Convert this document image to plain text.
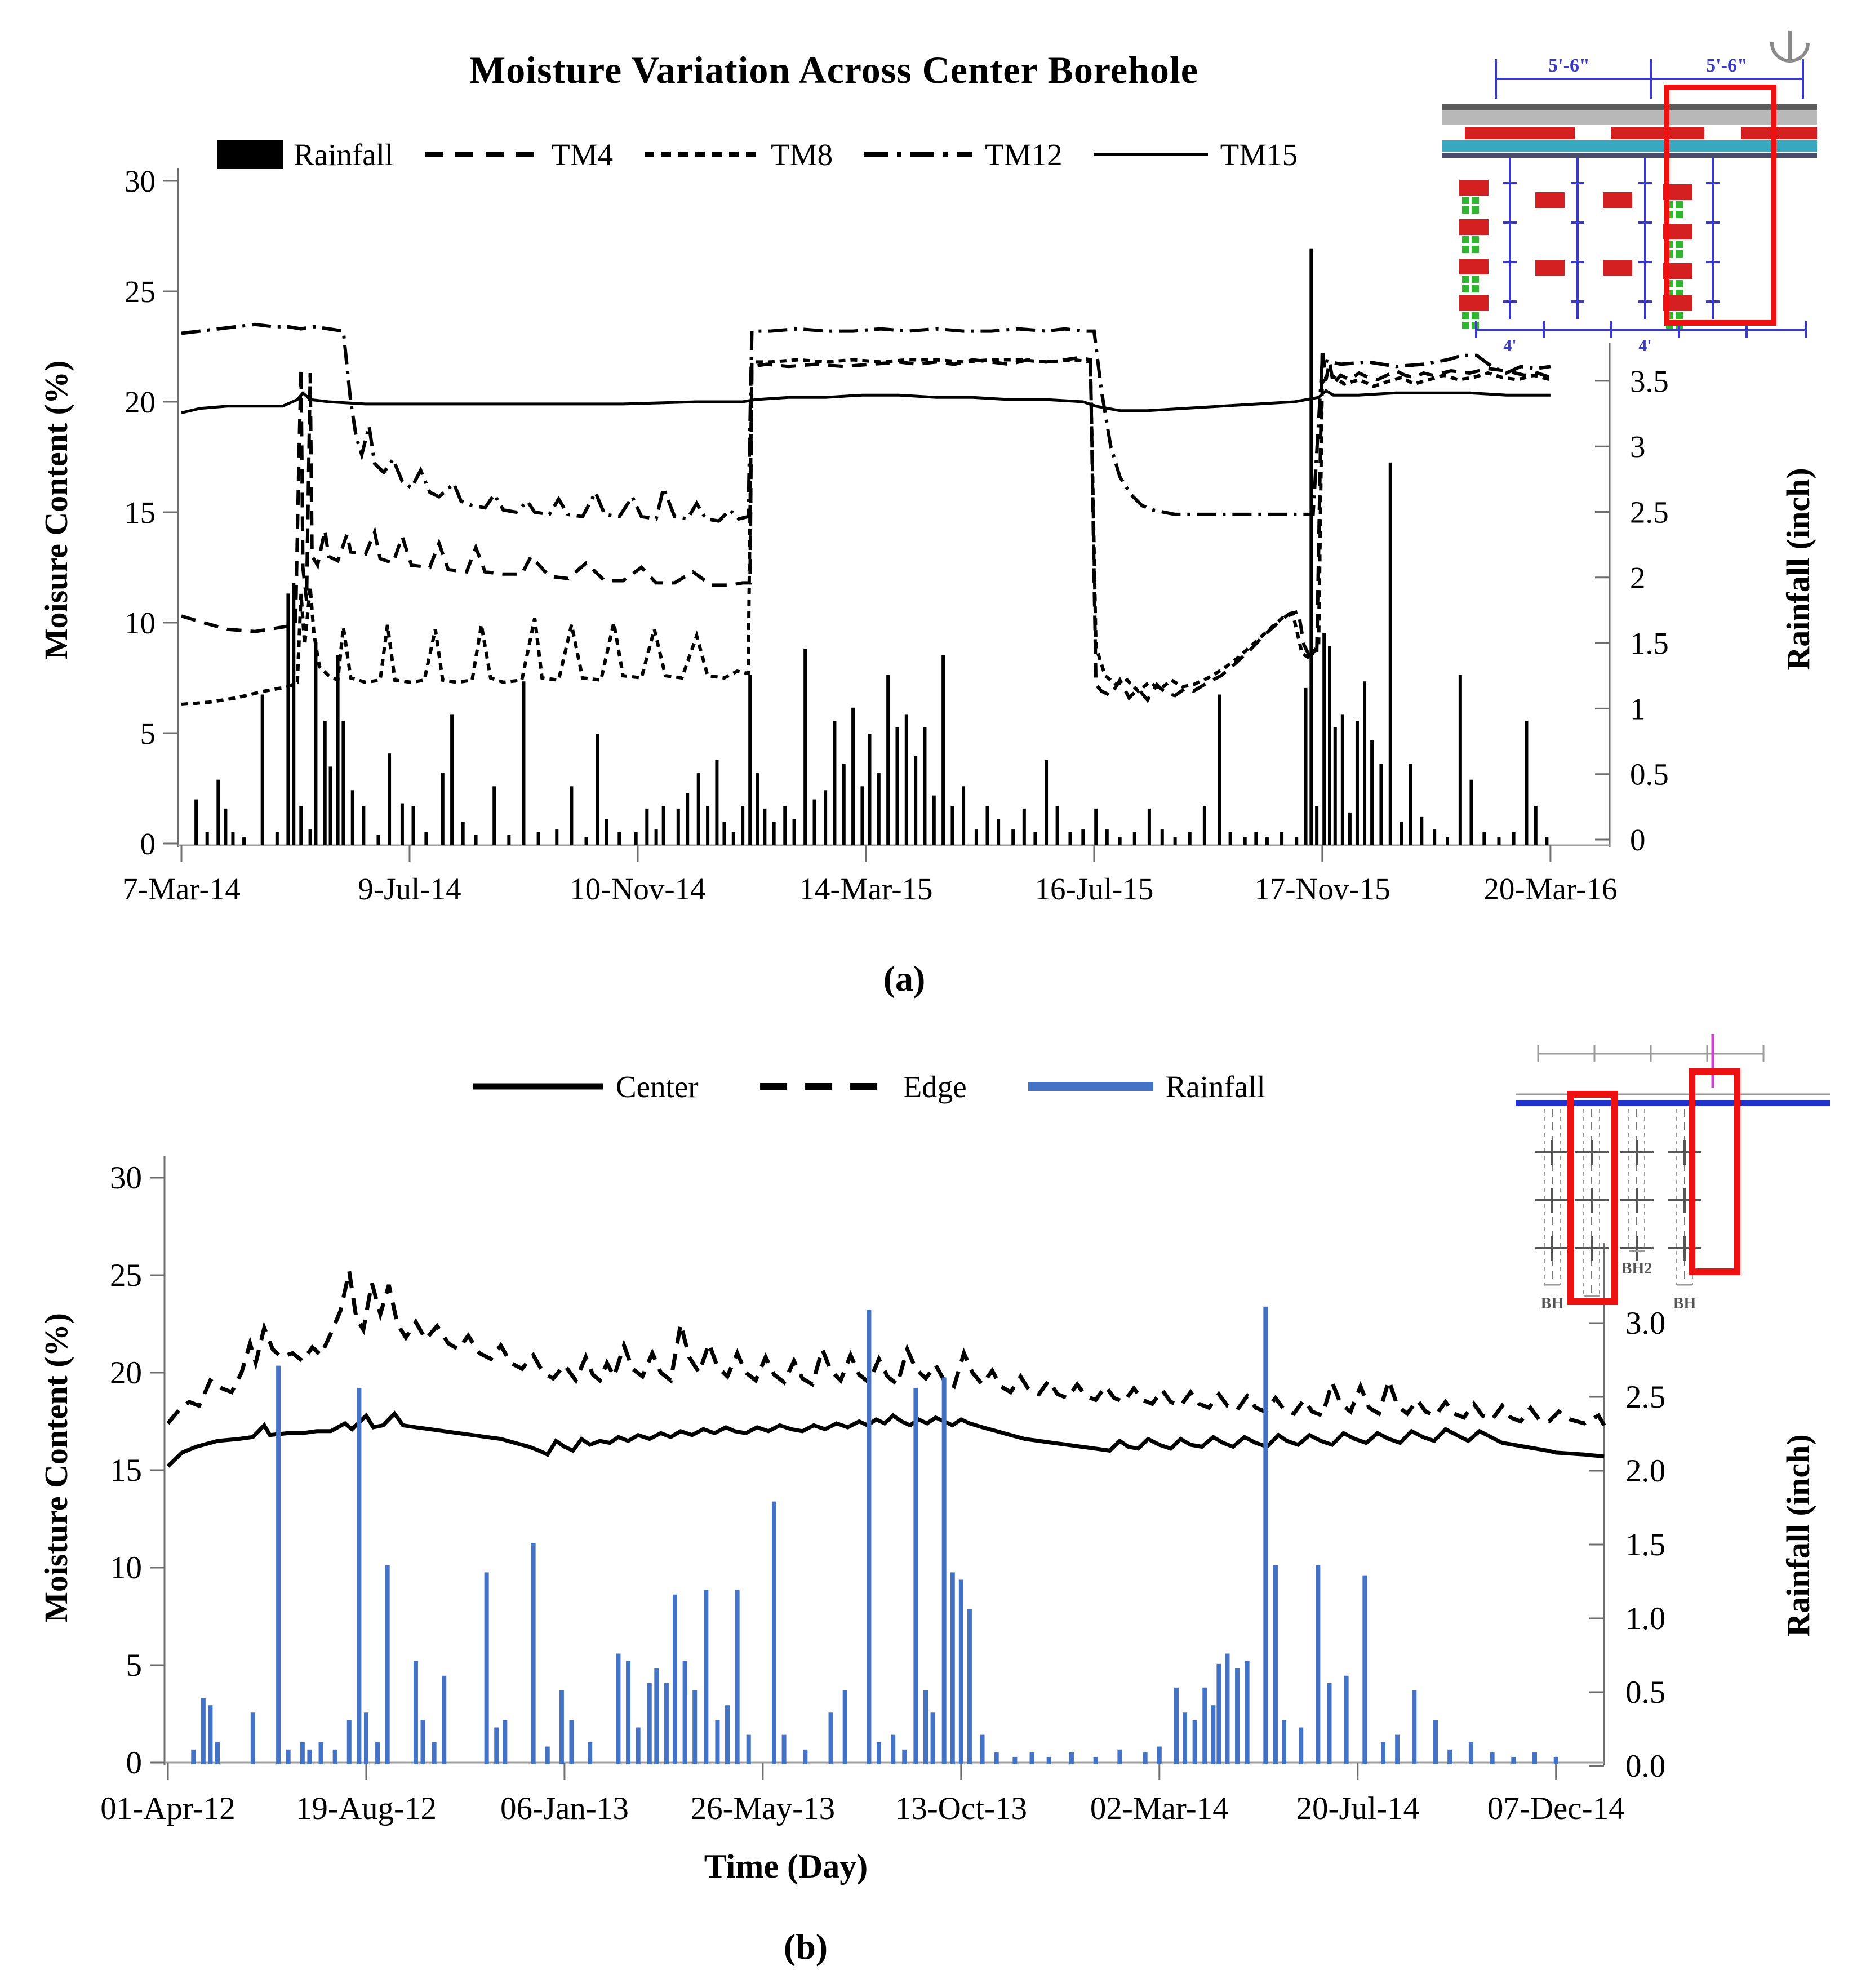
0
5
10
15
20
25
30
0
0.5
1
1.5
2
2.5
3
3.5
7-Mar-14	9-Jul-14	10-Nov-14	14-Mar-15	16-Jul-15	17-Nov-15	20-Mar-16
0
5
10
15
20
25
30
0.0
0.5
1.0
1.5
2.0
2.5
3.0
01-Apr-12 19-Aug-12 06-Jan-13 26-May-13 13-Oct-13 02-Mar-14 20-Jul-14 07-Dec-14
5'-6"	5'-6"
4'	4'
BH
BH2
BH
Moisture Variation Across Center Borehole
Rainfall	TM4	TM8	TM12	TM15
Moisure Content (%)	Rainfall (inch)
(a)
Center	Edge	Rainfall
Moisture Content (%)	Rainfall (inch)
Time (Day)
(b)
